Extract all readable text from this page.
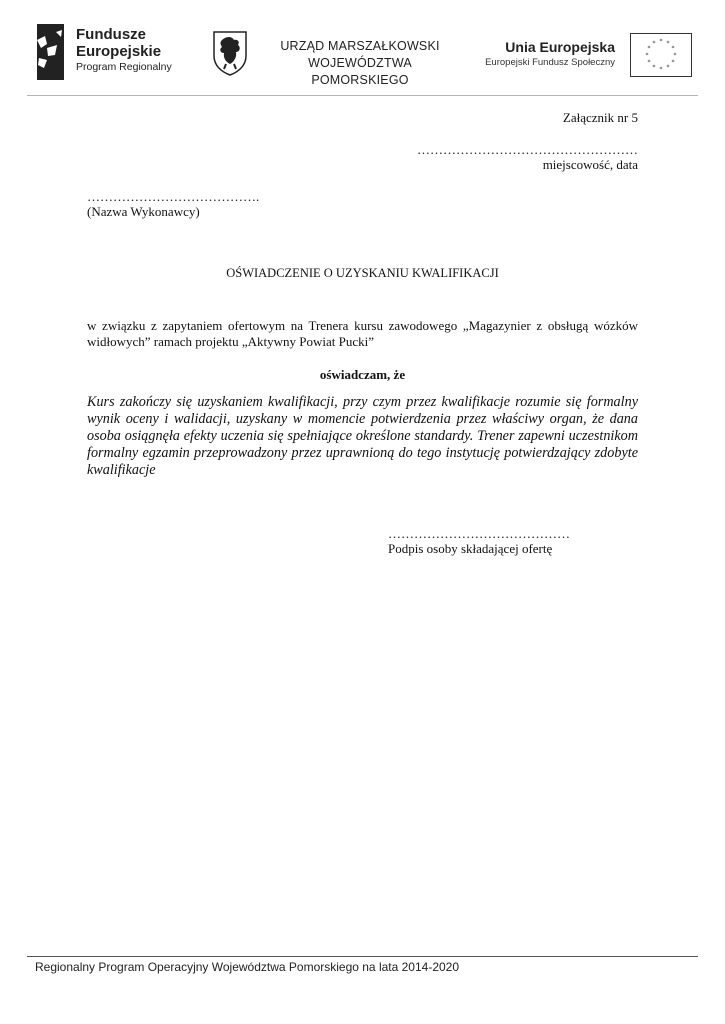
Fundusze
Europejskie
Program Regionalny
URZĄD MARSZAŁKOWSKI
WOJEWÓDZTWA POMORSKIEGO
Unia Europejska
Europejski Fundusz Społeczny
* *
*
*
*
*
*
*
*
*
*
*
Załącznik nr 5
……………………………………………
miejscowość, data
………………………………….
(Nazwa Wykonawcy)
OŚWIADCZENIE O UZYSKANIU KWALIFIKACJI
w związku z zapytaniem ofertowym na Trenera kursu zawodowego „Magazynier z obsługą wózków widłowych” ramach projektu „Aktywny Powiat Pucki”
oświadczam, że
Kurs zakończy się uzyskaniem kwalifikacji, przy czym przez kwalifikacje rozumie się formalny wynik oceny i walidacji, uzyskany w momencie potwierdzenia przez właściwy organ, że dana osoba osiągnęła efekty uczenia się spełniające określone standardy. Trener zapewni uczestnikom formalny egzamin przeprowadzony przez uprawnioną do tego instytucję potwierdzający zdobyte kwalifikacje
……………………………………
Podpis osoby składającej ofertę
Regionalny Program Operacyjny Województwa Pomorskiego na lata 2014-2020
